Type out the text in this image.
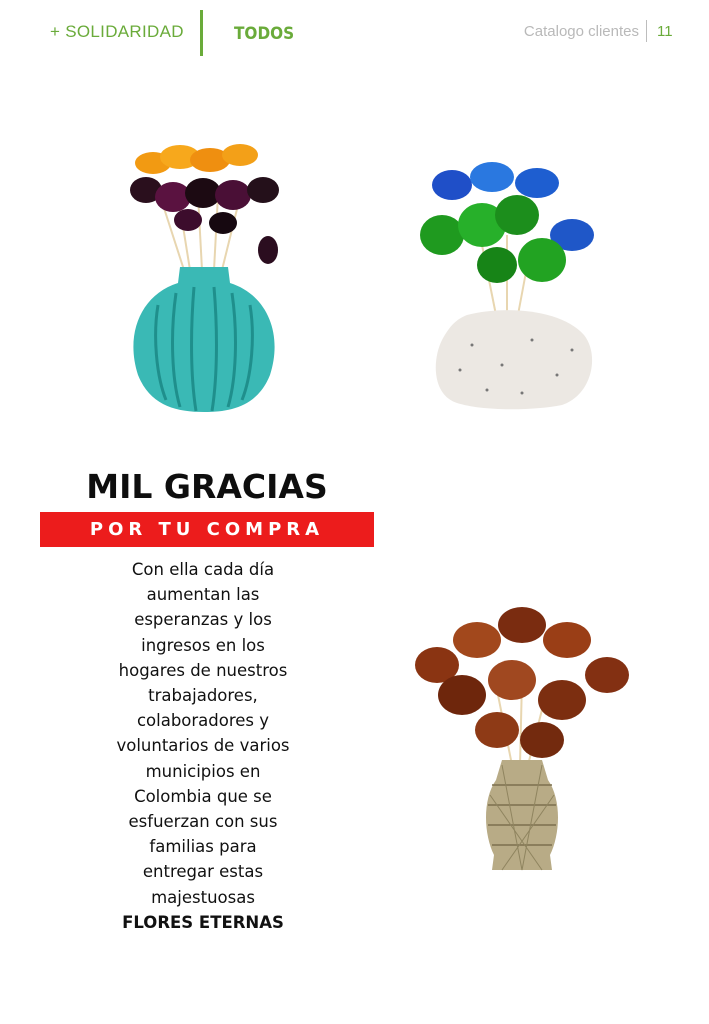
+ SOLIDARIDAD	TODOS	Catalogo clientes 11
MIL GRACIAS
POR TU COMPRA
Con ella cada día aumentan las esperanzas y los ingresos en los hogares de nuestros trabajadores, colaboradores y voluntarios de varios municipios en Colombia que se esfuerzan con sus familias para entregar estas majestuosas
FLORES ETERNAS
